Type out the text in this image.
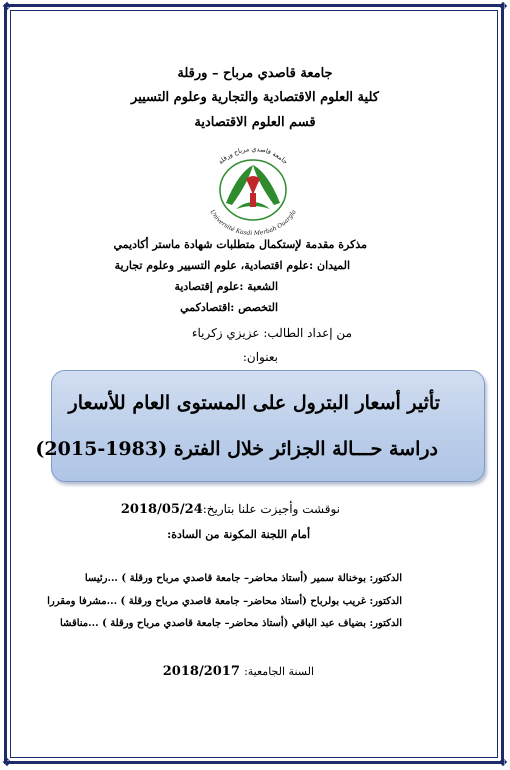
✥	✥
✥	✥
جامعة قاصدي مرباح – ورقلة
كلية العلوم الاقتصادية والتجارية وعلوم التسيير
قسم العلوم الاقتصادية
جامعة قاصدي مرباح ورقلة
Université Kasdi Merbah Ouargla
مذكرة مقدمة لإستكمال متطلبات شهادة ماستر أكاديمي
الميدان :علوم اقتصادية، علوم التسيير وعلوم تجارية
الشعبة :علوم إقتصادية
التخصص :اقتصادكمي
من إعداد الطالب: عزيزي زكرياء
بعنوان:
تأثير أسعار البترول على المستوى العام للأسعار
دراسة حـــالة الجزائر خلال الفترة (1983-2015)
نوقشت وأجيزت علنا بتاريخ:2018/05/24
أمام اللجنة المكونة من السادة:
الدكتور: بوخنالة سمير (أستاذ محاضر– جامعة قاصدي مرباح ورقلة ) ...رئيسا
الدكتور: غريب بولرباح (أستاذ محاضر– جامعة قاصدي مرباح ورقلة ) ...مشرفا ومقررا
الدكتور: بضياف عبد الباقي (أستاذ محاضر– جامعة قاصدي مرباح ورقلة ) ...مناقشا
السنة الجامعية: 2018/2017
